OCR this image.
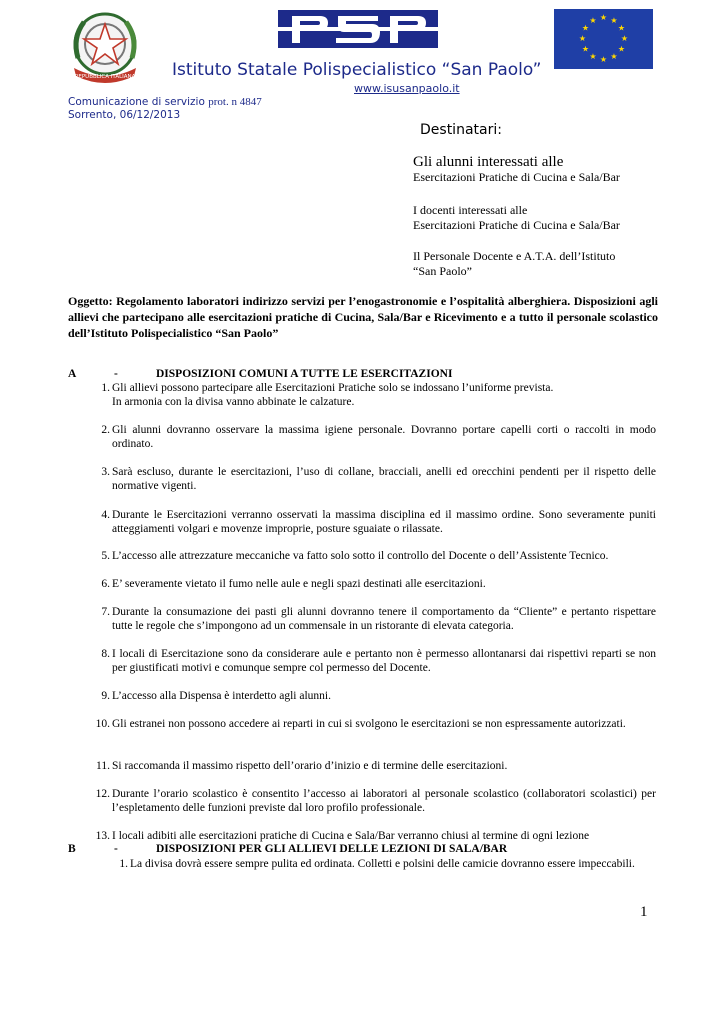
REPUBBLICA ITALIANA
PSP
★ ★
★
★
★
★
★
★
★
★
★
★
Istituto Statale Polispecialistico “San Paolo”
www.isusanpaolo.it
Comunicazione di servizio prot. n 4847
Sorrento, 06/12/2013
Destinatari:
Gli alunni interessati alle
Esercitazioni Pratiche di Cucina e Sala/Bar
I docenti interessati alle
Esercitazioni Pratiche di Cucina e Sala/Bar
Il Personale Docente e A.T.A. dell’Istituto
“San Paolo”
Oggetto: Regolamento laboratori indirizzo servizi per l’enogastronomie e l’ospitalità alberghiera. Disposizioni agli allievi che partecipano alle esercitazioni pratiche di Cucina, Sala/Bar e Ricevimento e a tutto il personale scolastico dell’Istituto Polispecialistico “San Paolo”
A	-	DISPOSIZIONI COMUNI A TUTTE LE ESERCITAZIONI
1. Gli allievi possono partecipare alle Esercitazioni Pratiche solo se indossano l’uniforme prevista.
In armonia con la divisa vanno abbinate le calzature.
2. Gli alunni dovranno osservare la massima igiene personale. Dovranno portare capelli corti o raccolti in modo ordinato.
3. Sarà escluso, durante le esercitazioni, l’uso di collane, bracciali, anelli ed orecchini pendenti per il rispetto delle normative vigenti.
4. Durante le Esercitazioni verranno osservati la massima disciplina ed il massimo ordine. Sono severamente puniti atteggiamenti volgari e movenze improprie, posture sguaiate o rilassate.
5. L’accesso alle attrezzature meccaniche va fatto solo sotto il controllo del Docente o dell’Assistente Tecnico.
6. E’ severamente vietato il fumo nelle aule e negli spazi destinati alle esercitazioni.
7. Durante la consumazione dei pasti gli alunni dovranno tenere il comportamento da “Cliente” e pertanto rispettare tutte le regole che s’impongono ad un commensale in un ristorante di elevata categoria.
8. I locali di Esercitazione sono da considerare aule e pertanto non è permesso allontanarsi dai rispettivi reparti se non per giustificati motivi e comunque sempre col permesso del Docente.
9. L’accesso alla Dispensa è interdetto agli alunni.
10. Gli estranei non possono accedere ai reparti in cui si svolgono le esercitazioni se non espressamente autorizzati.
11. Si raccomanda il massimo rispetto dell’orario d’inizio e di termine delle esercitazioni.
12. Durante l’orario scolastico è consentito l’accesso ai laboratori al personale scolastico (collaboratori scolastici) per l’espletamento delle funzioni previste dal loro profilo professionale.
13. I locali adibiti alle esercitazioni pratiche di Cucina e Sala/Bar verranno chiusi al termine di ogni lezione
B	-	DISPOSIZIONI PER GLI ALLIEVI DELLE LEZIONI DI SALA/BAR
1. La divisa dovrà essere sempre pulita ed ordinata. Colletti e polsini delle camicie dovranno essere impeccabili.
1
